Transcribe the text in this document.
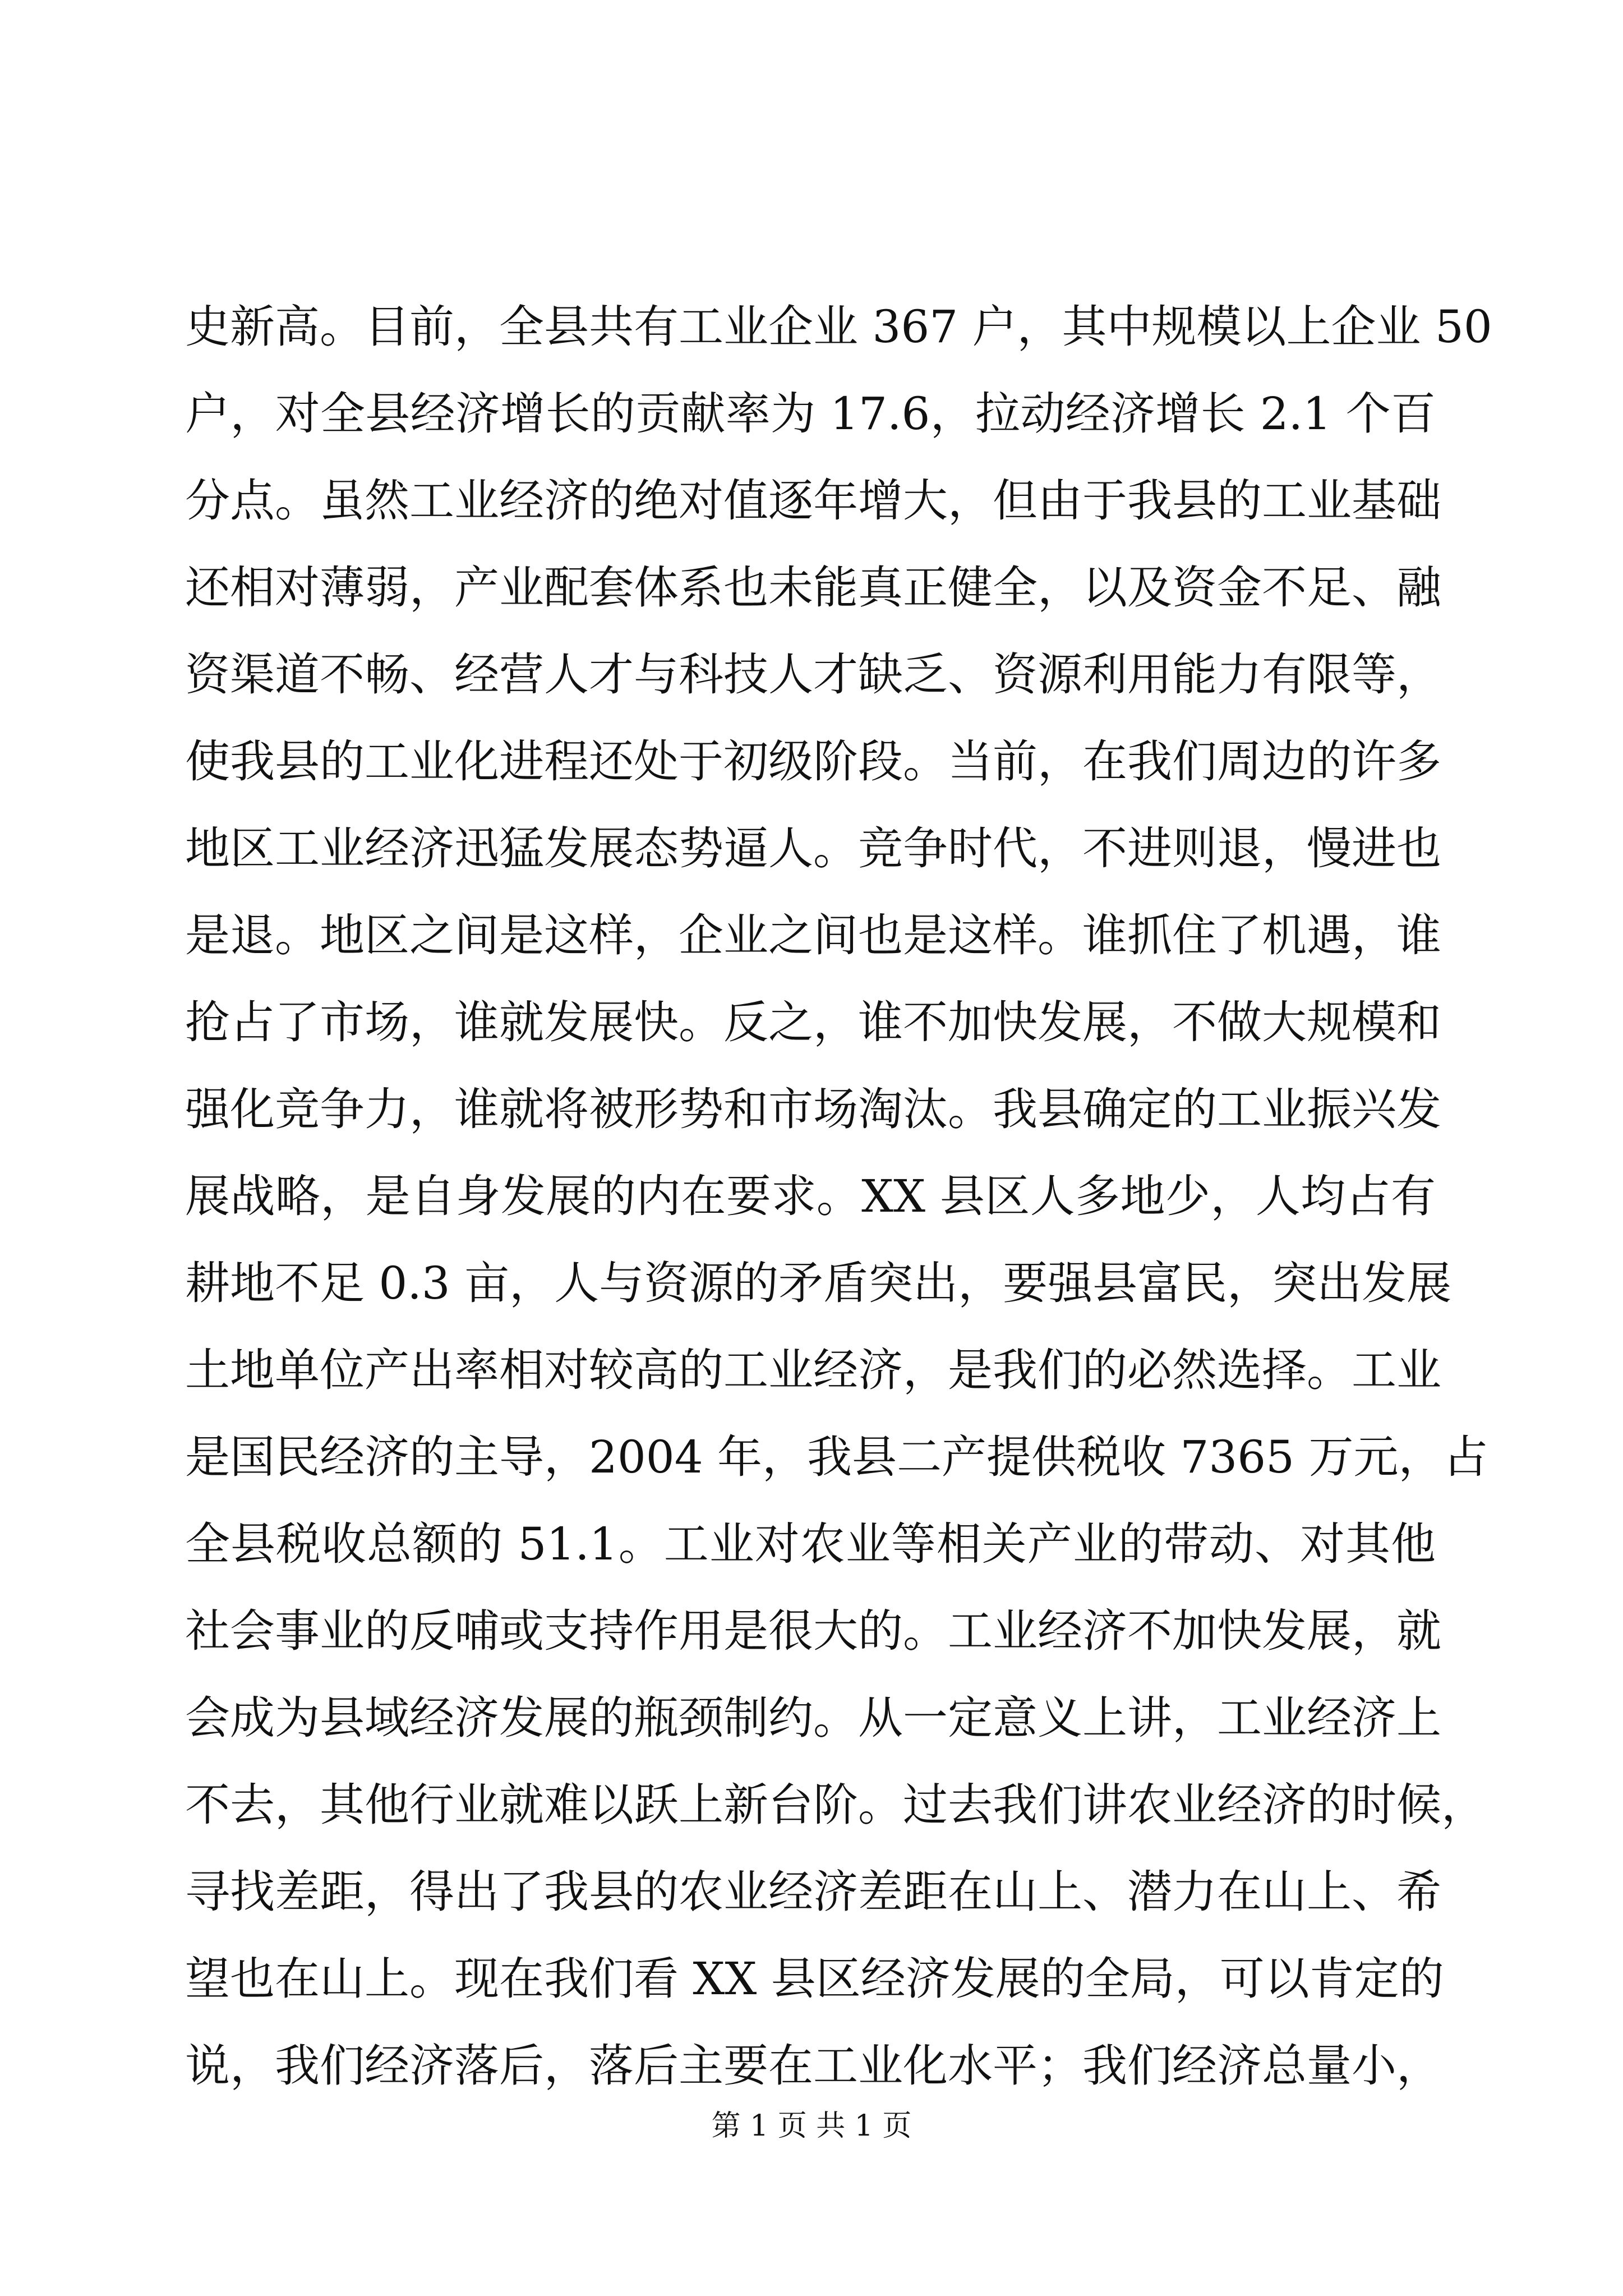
史新高。目前，全县共有工业企业 367 户，其中规模以上企业 50
户，对全县经济增长的贡献率为 17.6，拉动经济增长 2.1 个百
分点。虽然工业经济的绝对值逐年增大，但由于我县的工业基础
还相对薄弱，产业配套体系也未能真正健全，以及资金不足、融
资渠道不畅、经营人才与科技人才缺乏、资源利用能力有限等，
使我县的工业化进程还处于初级阶段。当前，在我们周边的许多
地区工业经济迅猛发展态势逼人。竞争时代，不进则退，慢进也
是退。地区之间是这样，企业之间也是这样。谁抓住了机遇，谁
抢占了市场，谁就发展快。反之，谁不加快发展，不做大规模和
强化竞争力，谁就将被形势和市场淘汰。我县确定的工业振兴发
展战略，是自身发展的内在要求。XX 县区人多地少，人均占有
耕地不足 0.3 亩，人与资源的矛盾突出，要强县富民，突出发展
土地单位产出率相对较高的工业经济，是我们的必然选择。工业
是国民经济的主导，2004 年，我县二产提供税收 7365 万元，占
全县税收总额的 51.1。工业对农业等相关产业的带动、对其他
社会事业的反哺或支持作用是很大的。工业经济不加快发展，就
会成为县域经济发展的瓶颈制约。从一定意义上讲，工业经济上
不去，其他行业就难以跃上新台阶。过去我们讲农业经济的时候，
寻找差距，得出了我县的农业经济差距在山上、潜力在山上、希
望也在山上。现在我们看 XX 县区经济发展的全局，可以肯定的
说，我们经济落后，落后主要在工业化水平；我们经济总量小，
第 1 页 共 1 页
